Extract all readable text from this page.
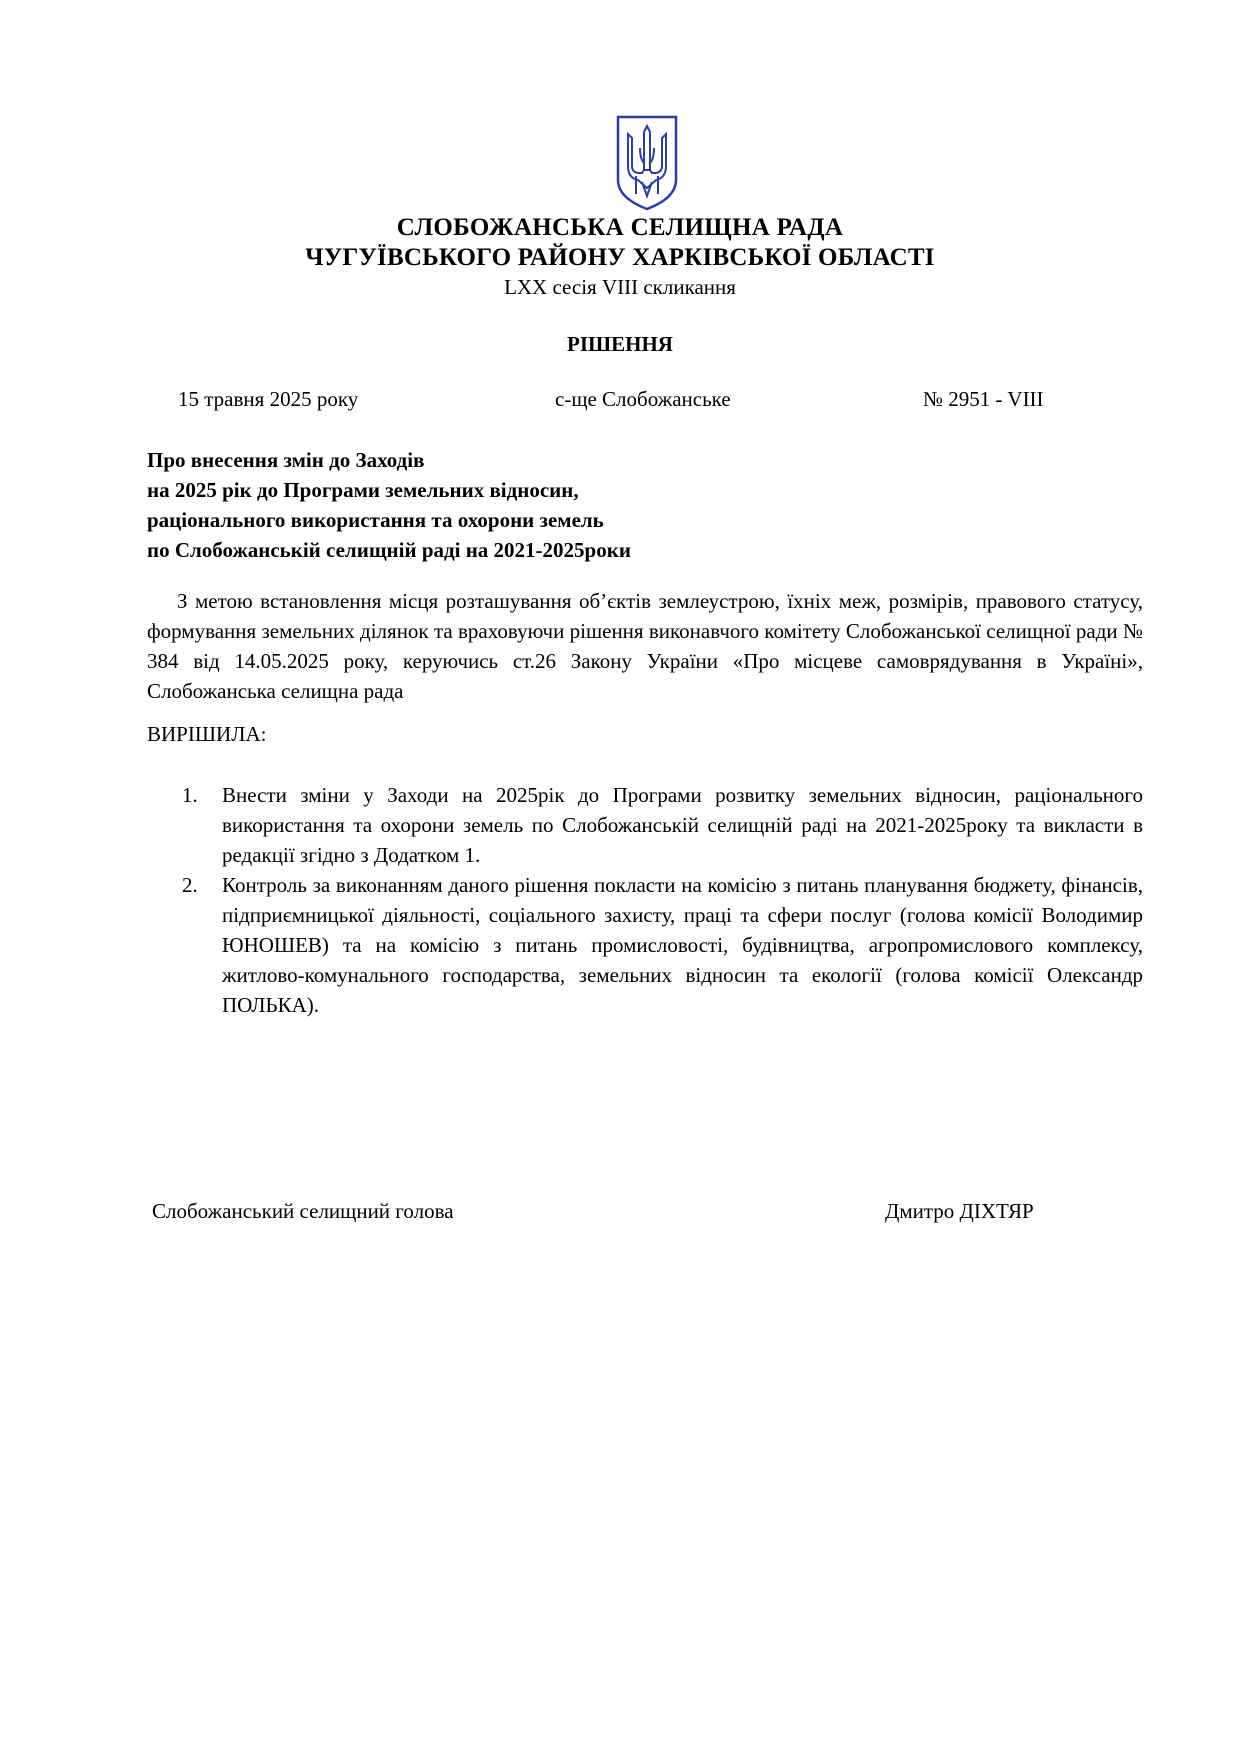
СЛОБОЖАНСЬКА СЕЛИЩНА РАДА
ЧУГУЇВСЬКОГО РАЙОНУ ХАРКІВСЬКОЇ ОБЛАСТІ
LXX сесія VIII скликання
РІШЕННЯ
15 травня 2025 року	с-ще Слобожанське	№ 2951 - VIII
Про внесення змін до Заходів
на 2025 рік до Програми земельних відносин,
раціонального використання та охорони земель
по Слобожанській селищній раді на 2021-2025роки
З метою встановлення місця розташування об’єктів землеустрою, їхніх меж, розмірів, правового статусу, формування земельних ділянок та враховуючи рішення виконавчого комітету Слобожанської селищної ради № 384 від 14.05.2025 року, керуючись ст.26 Закону України «Про місцеве самоврядування в Україні», Слобожанська селищна рада
ВИРІШИЛА:
1. Внести зміни у Заходи на 2025рік до Програми розвитку земельних відносин, раціонального використання та охорони земель по Слобожанській селищній раді на 2021-2025року та викласти в редакції згідно з Додатком 1.
2. Контроль за виконанням даного рішення покласти на комісію з питань планування бюджету, фінансів, підприємницької діяльності, соціального захисту, праці та сфери послуг (голова комісії Володимир ЮНОШЕВ) та на комісію з питань промисловості, будівництва, агропромислового комплексу, житлово-комунального господарства, земельних відносин та екології (голова комісії Олександр ПОЛЬКА).
Слобожанський селищний голова	Дмитро ДІХТЯР
